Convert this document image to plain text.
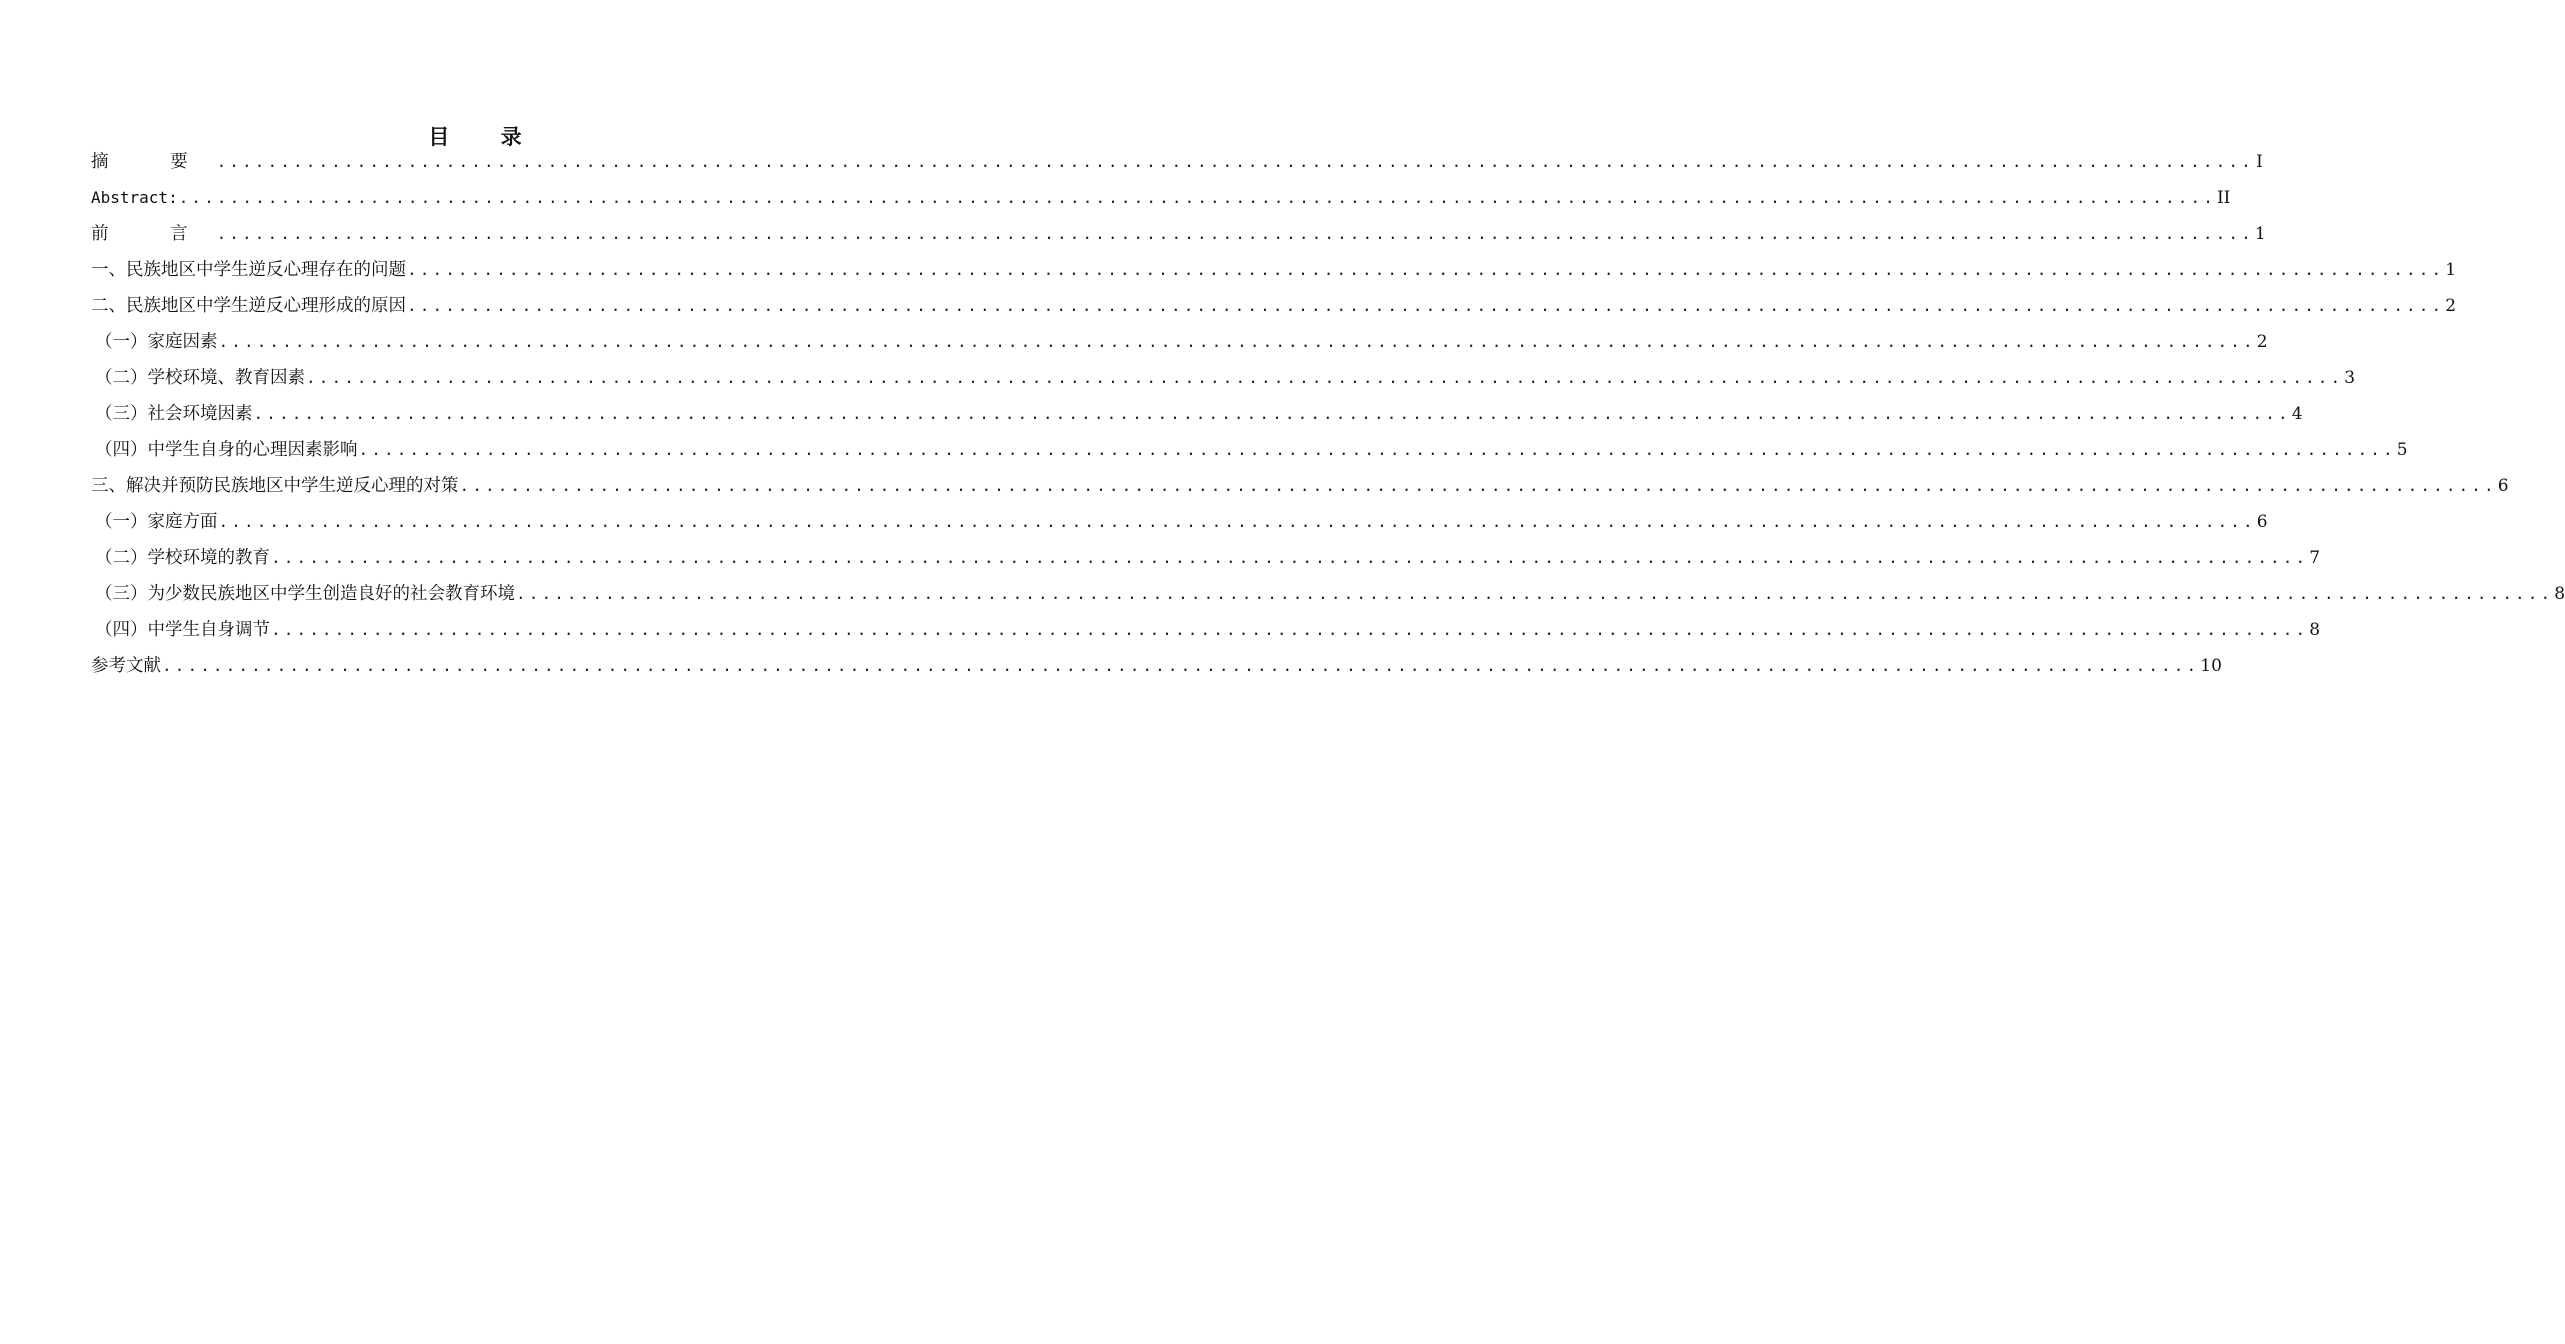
目 录
摘 要 ................................................................................................................................................................ I
Abstract: ................................................................................................................................................................ II
前 言 ................................................................................................................................................................ 1
一、民族地区中学生逆反心理存在的问题 ................................................................................................................................................................ 1
二、民族地区中学生逆反心理形成的原因 ................................................................................................................................................................ 2
（一）家庭因素 ................................................................................................................................................................ 2
（二）学校环境、教育因素 ................................................................................................................................................................ 3
（三）社会环境因素 ................................................................................................................................................................ 4
（四）中学生自身的心理因素影响 ................................................................................................................................................................ 5
三、解决并预防民族地区中学生逆反心理的对策 ................................................................................................................................................................ 6
（一）家庭方面 ................................................................................................................................................................ 6
（二）学校环境的教育 ................................................................................................................................................................ 7
（三）为少数民族地区中学生创造良好的社会教育环境 ................................................................................................................................................................ 8
（四）中学生自身调节 ................................................................................................................................................................ 8
参考文献 ................................................................................................................................................................ 10
